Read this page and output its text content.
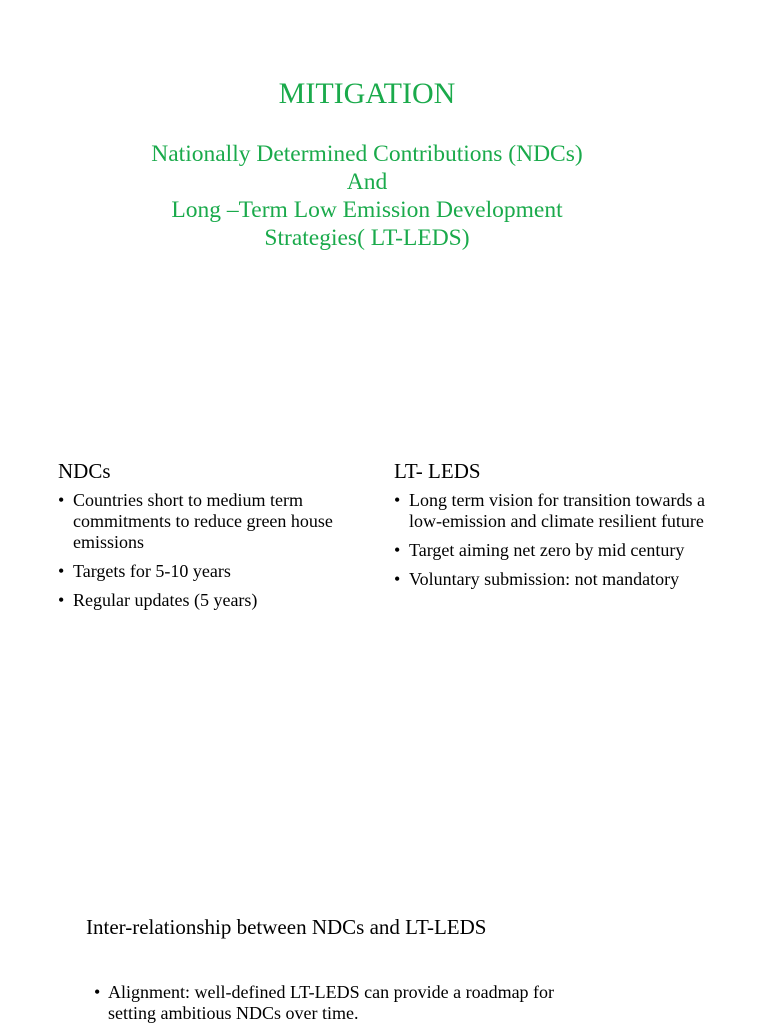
MITIGATION
Nationally Determined Contributions (NDCs)
And
Long –Term Low Emission Development
Strategies( LT-LEDS)
NDCs
• Countries short to medium term commitments to reduce green house emissions
• Targets for 5-10 years
• Regular updates (5 years)
LT- LEDS
• Long term vision for transition towards a low-emission and climate resilient future
• Target aiming net zero by mid century
• Voluntary submission: not mandatory
Inter-relationship between NDCs and LT-LEDS
• Alignment: well-defined LT-LEDS can provide a roadmap for setting ambitious NDCs over time.
